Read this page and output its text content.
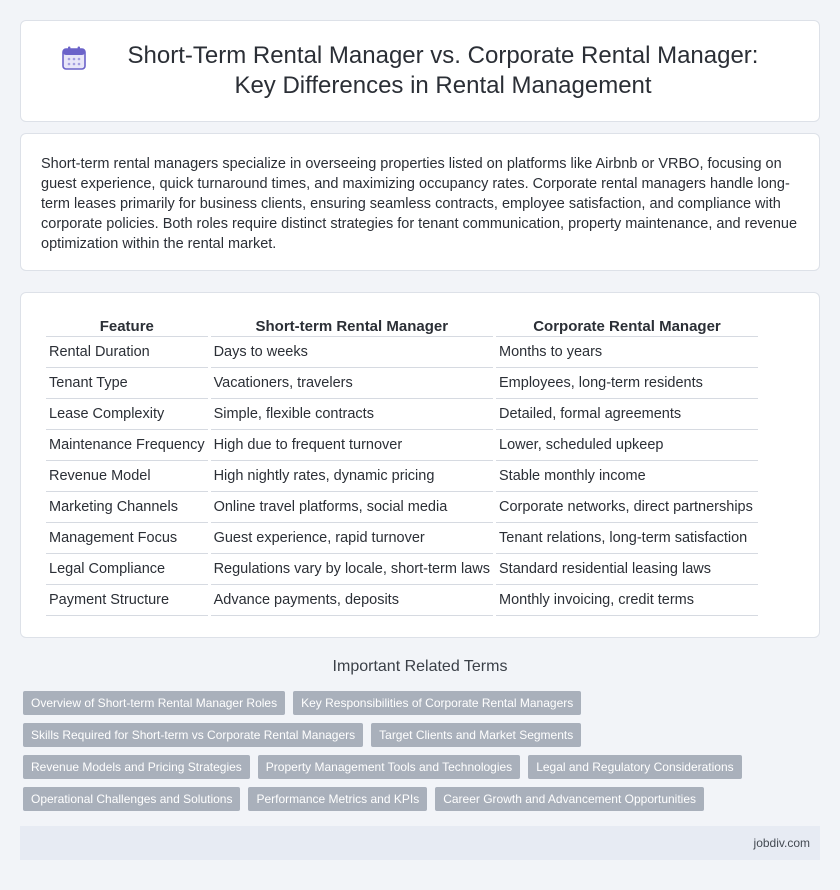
Short-Term Rental Manager vs. Corporate Rental Manager: Key Differences in Rental Management

Short-term rental managers specialize in overseeing properties listed on platforms like Airbnb or VRBO, focusing on guest experience, quick turnaround times, and maximizing occupancy rates. Corporate rental managers handle long-term leases primarily for business clients, ensuring seamless contracts, employee satisfaction, and compliance with corporate policies. Both roles require distinct strategies for tenant communication, property maintenance, and revenue optimization within the rental market.

Feature	Short-term Rental Manager	Corporate Rental Manager
Rental Duration	Days to weeks	Months to years
Tenant Type	Vacationers, travelers	Employees, long-term residents
Lease Complexity	Simple, flexible contracts	Detailed, formal agreements
Maintenance Frequency	High due to frequent turnover	Lower, scheduled upkeep
Revenue Model	High nightly rates, dynamic pricing	Stable monthly income
Marketing Channels	Online travel platforms, social media	Corporate networks, direct partnerships
Management Focus	Guest experience, rapid turnover	Tenant relations, long-term satisfaction
Legal Compliance	Regulations vary by locale, short-term laws	Standard residential leasing laws
Payment Structure	Advance payments, deposits	Monthly invoicing, credit terms
Important Related Terms
Overview of Short-term Rental Manager Roles	Key Responsibilities of Corporate Rental Managers
Skills Required for Short-term vs Corporate Rental Managers	Target Clients and Market Segments
Revenue Models and Pricing Strategies	Property Management Tools and Technologies	Legal and Regulatory Considerations
Operational Challenges and Solutions	Performance Metrics and KPIs	Career Growth and Advancement Opportunities
jobdiv.com
